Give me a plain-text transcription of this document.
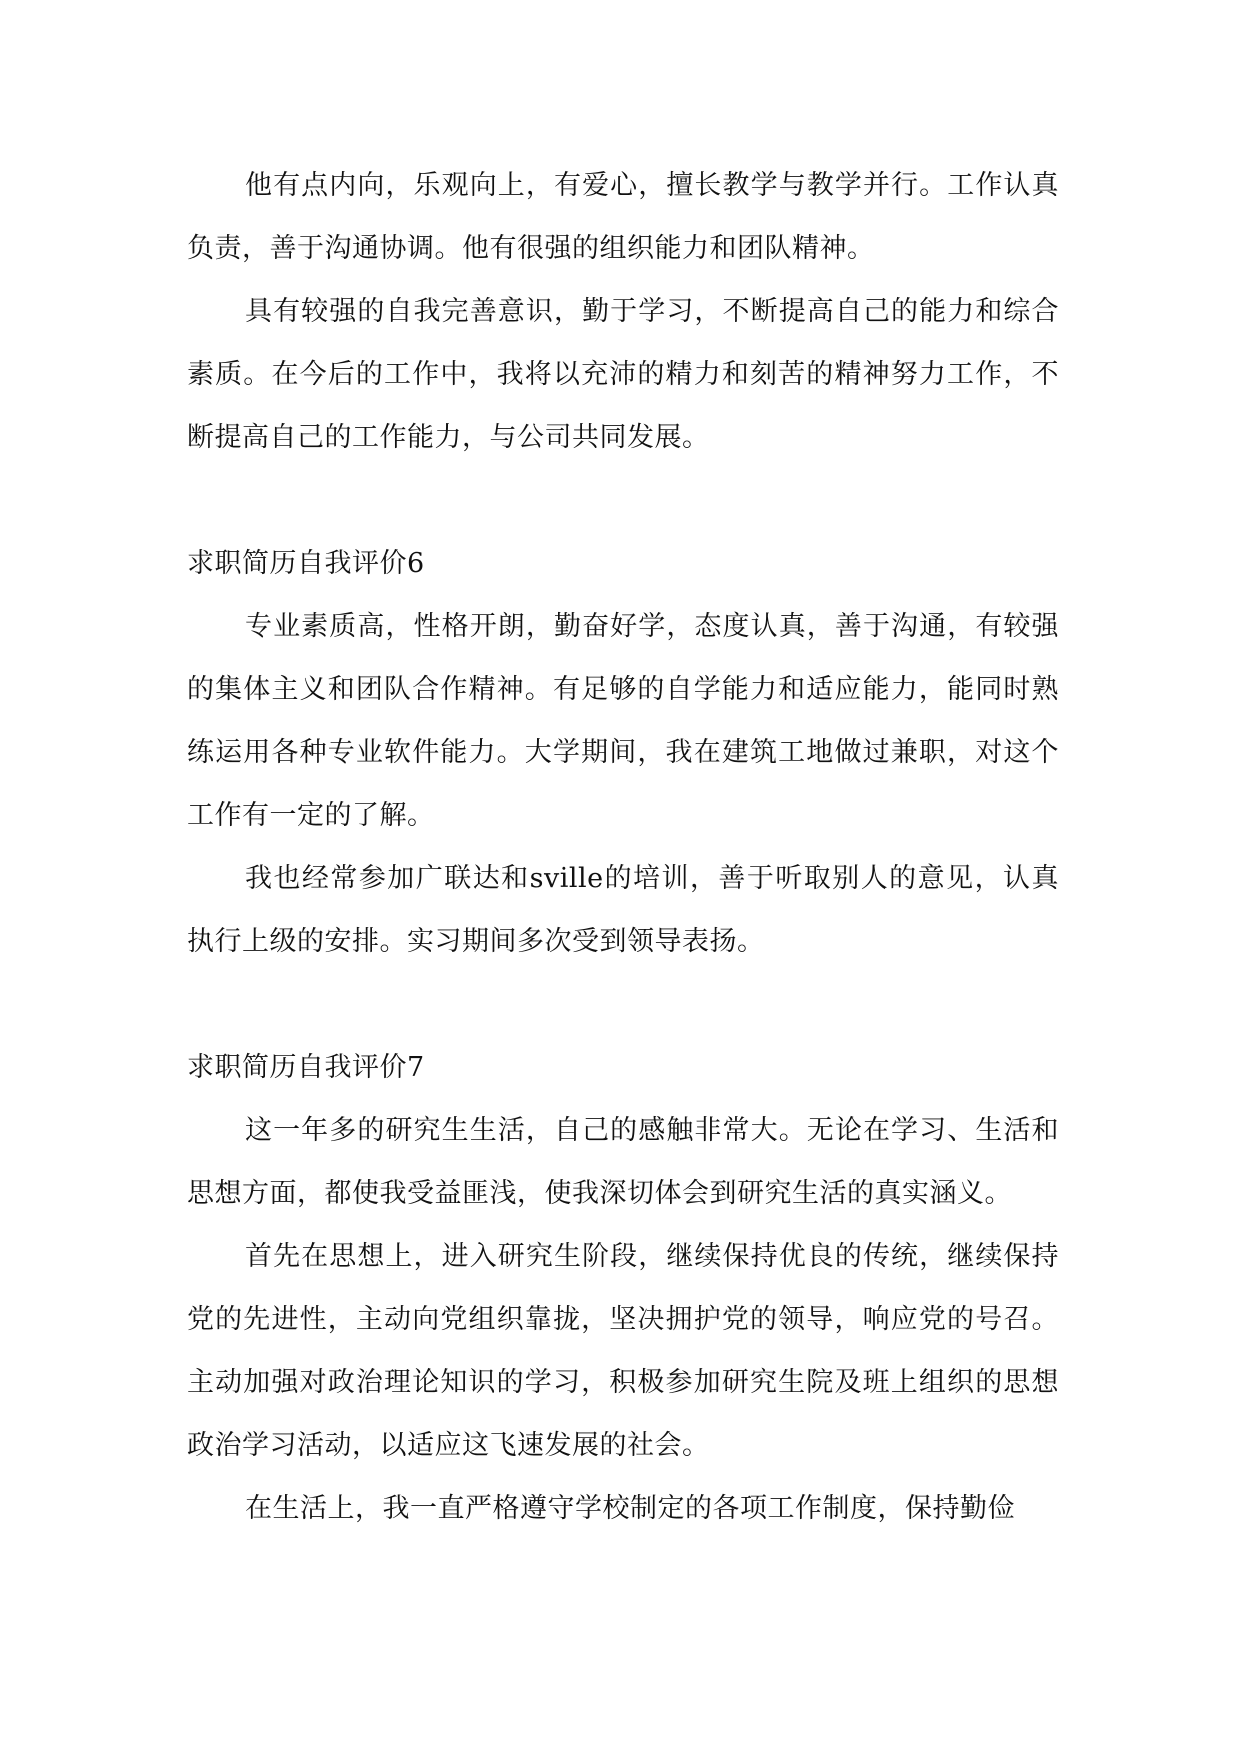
他有点内向，乐观向上，有爱心，擅长教学与教学并行。工作认真负责，善于沟通协调。他有很强的组织能力和团队精神。

具有较强的自我完善意识，勤于学习，不断提高自己的能力和综合素质。在今后的工作中，我将以充沛的精力和刻苦的精神努力工作，不断提高自己的工作能力，与公司共同发展。

求职简历自我评价6

专业素质高，性格开朗，勤奋好学，态度认真，善于沟通，有较强的集体主义和团队合作精神。有足够的自学能力和适应能力，能同时熟练运用各种专业软件能力。大学期间，我在建筑工地做过兼职，对这个工作有一定的了解。

我也经常参加广联达和sville的培训，善于听取别人的意见，认真执行上级的安排。实习期间多次受到领导表扬。

求职简历自我评价7

这一年多的研究生生活，自己的感触非常大。无论在学习、生活和思想方面，都使我受益匪浅，使我深切体会到研究生活的真实涵义。

首先在思想上，进入研究生阶段，继续保持优良的传统，继续保持党的先进性，主动向党组织靠拢，坚决拥护党的领导，响应党的号召。主动加强对政治理论知识的学习，积极参加研究生院及班上组织的思想政治学习活动，以适应这飞速发展的社会。

在生活上，我一直严格遵守学校制定的各项工作制度，保持勤俭
